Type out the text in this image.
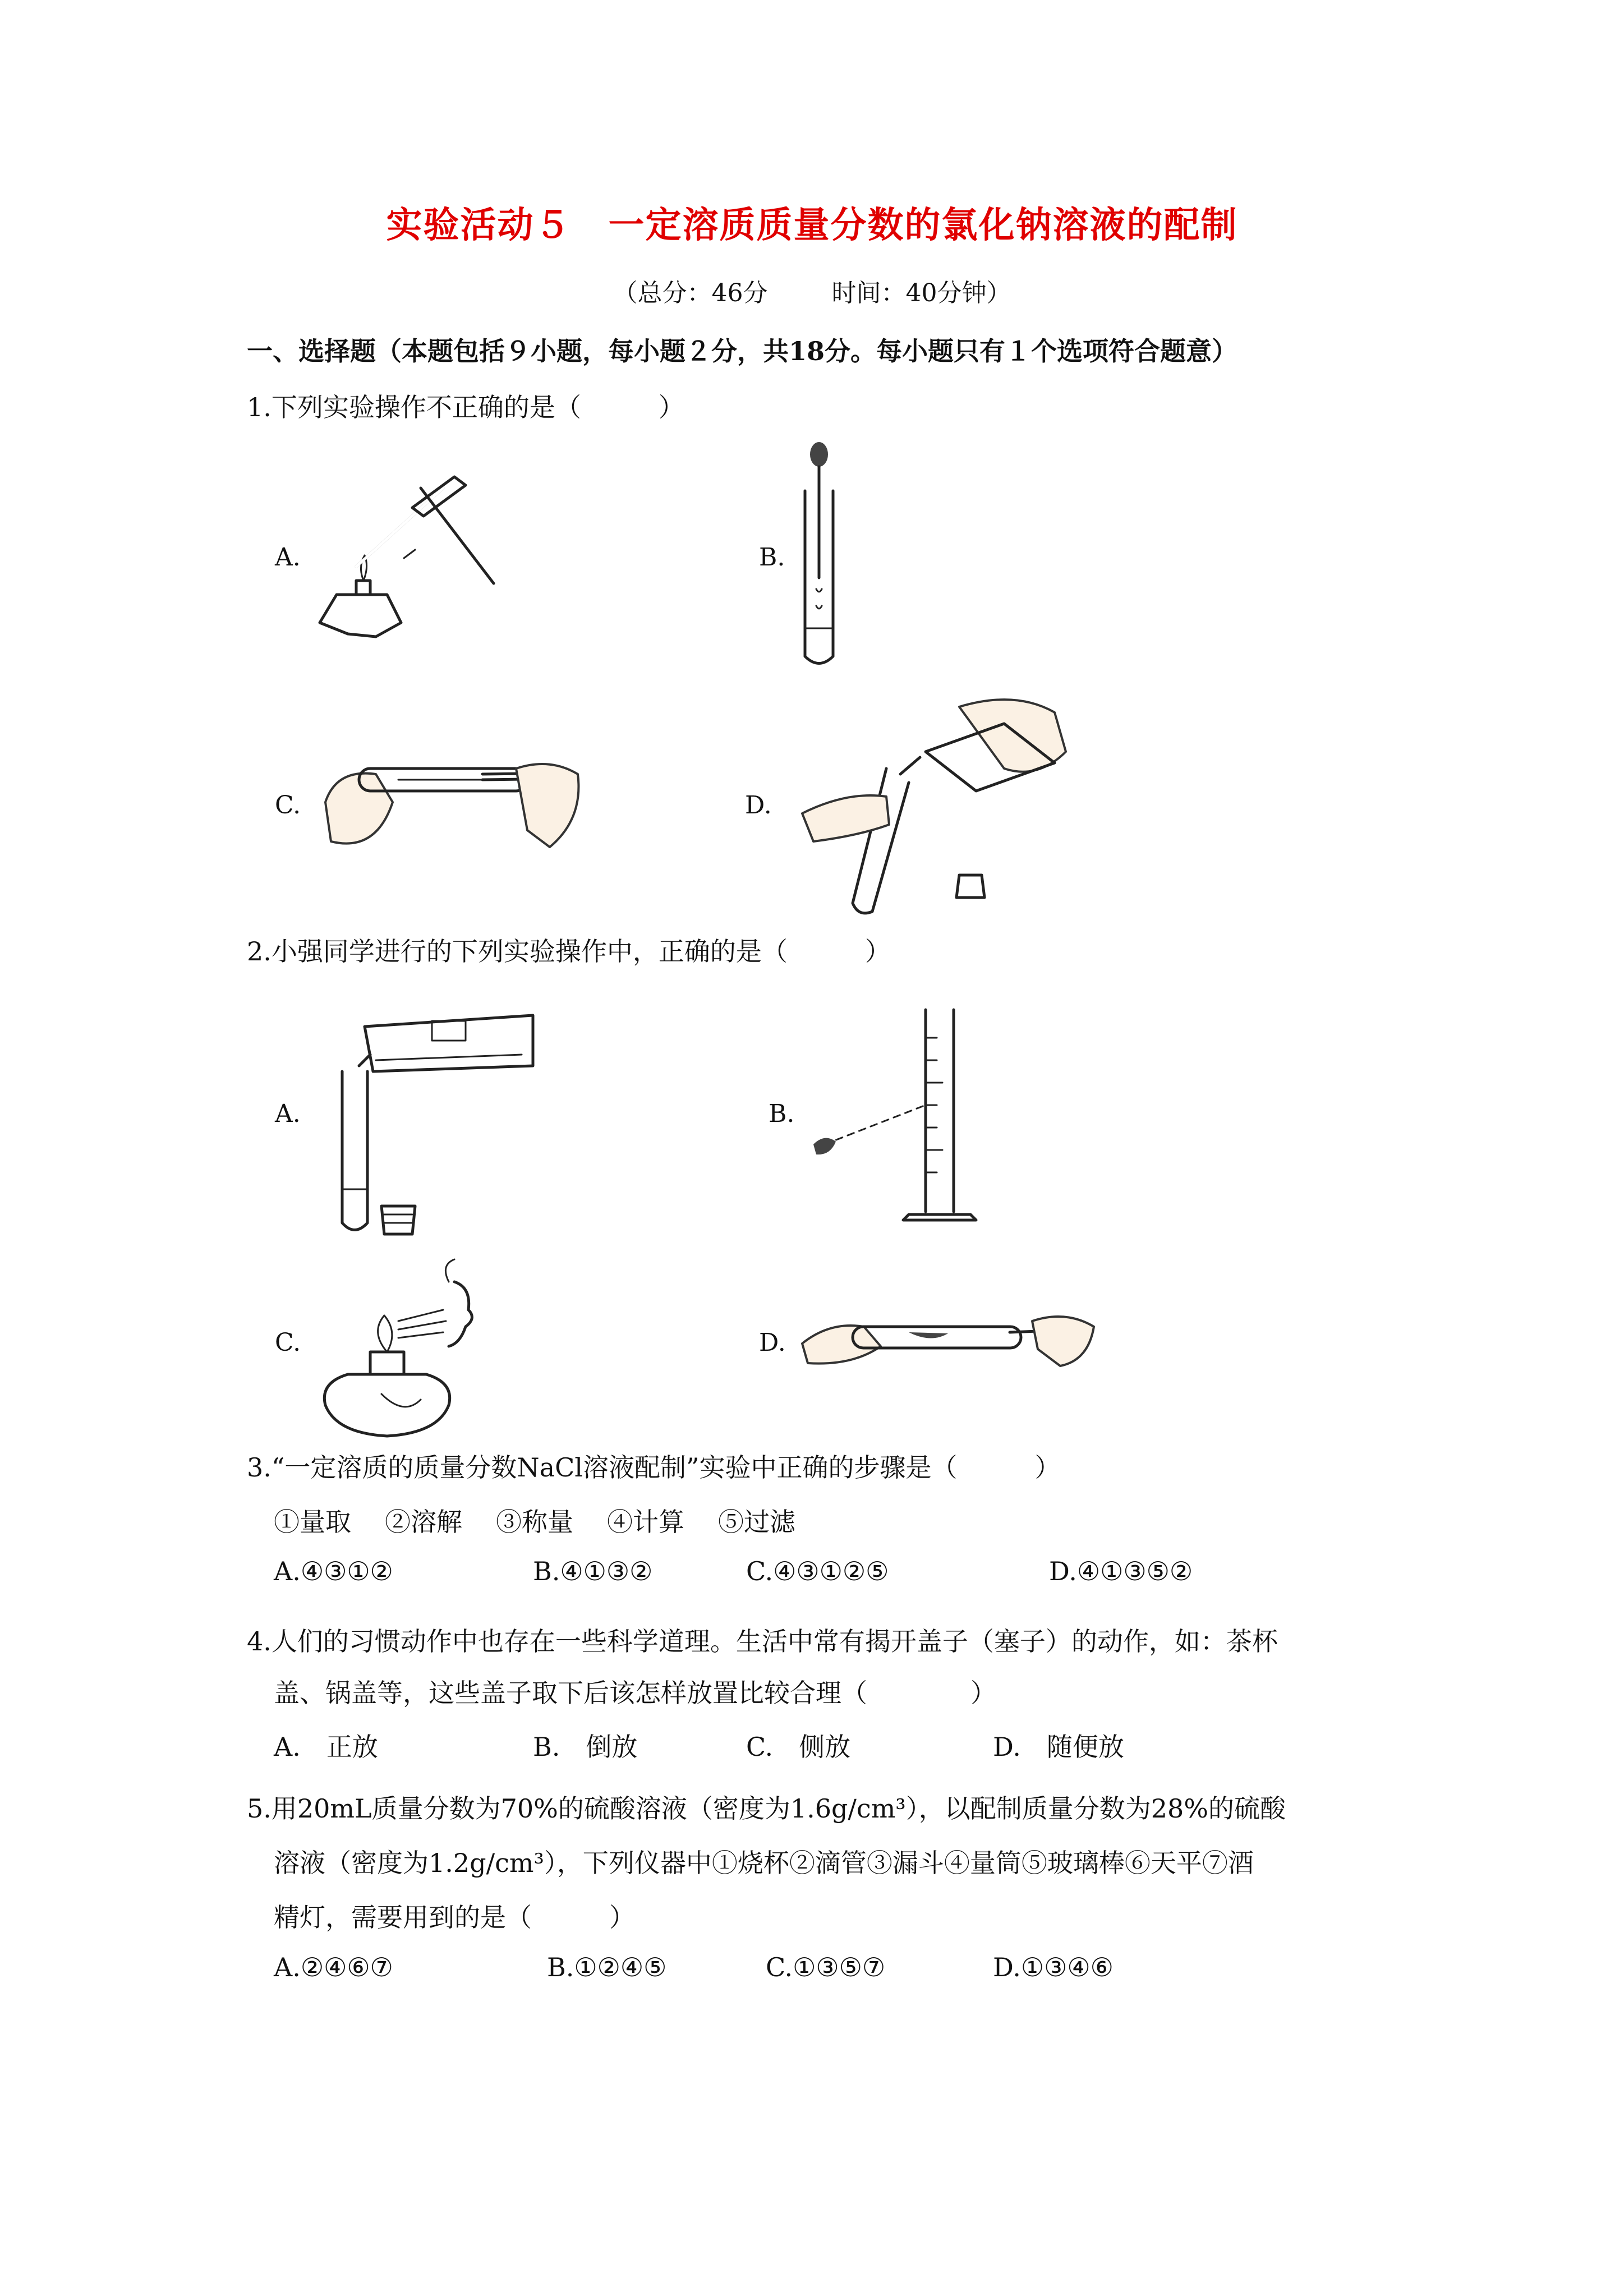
实验活动５　一定溶质质量分数的氯化钠溶液的配制
（总分：46分	时间：40分钟）
一、选择题（本题包括９小题，每小题２分，共18分。每小题只有１个选项符合题意）
1.下列实验操作不正确的是（　　　）
A.	B.
C.	D.
2.小强同学进行的下列实验操作中，正确的是（　　　）
A.	B.
C.	D.
3.“一定溶质的质量分数NaCl溶液配制”实验中正确的步骤是（　　　）
①量取 ②溶解 ③称量 ④计算 ⑤过滤
A.④③①②	B.④①③②	C.④③①②⑤	D.④①③⑤②
4.人们的习惯动作中也存在一些科学道理。生活中常有揭开盖子（塞子）的动作，如：茶杯
盖、锅盖等，这些盖子取下后该怎样放置比较合理（　　　　）
A.　正放	B.　倒放	C.　侧放	D.　随便放
5.用20mL质量分数为70%的硫酸溶液（密度为1.6g/cm³），以配制质量分数为28%的硫酸
溶液（密度为1.2g/cm³），下列仪器中①烧杯②滴管③漏斗④量筒⑤玻璃棒⑥天平⑦酒
精灯，需要用到的是（　　　）
A.②④⑥⑦	B.①②④⑤	C.①③⑤⑦	D.①③④⑥
